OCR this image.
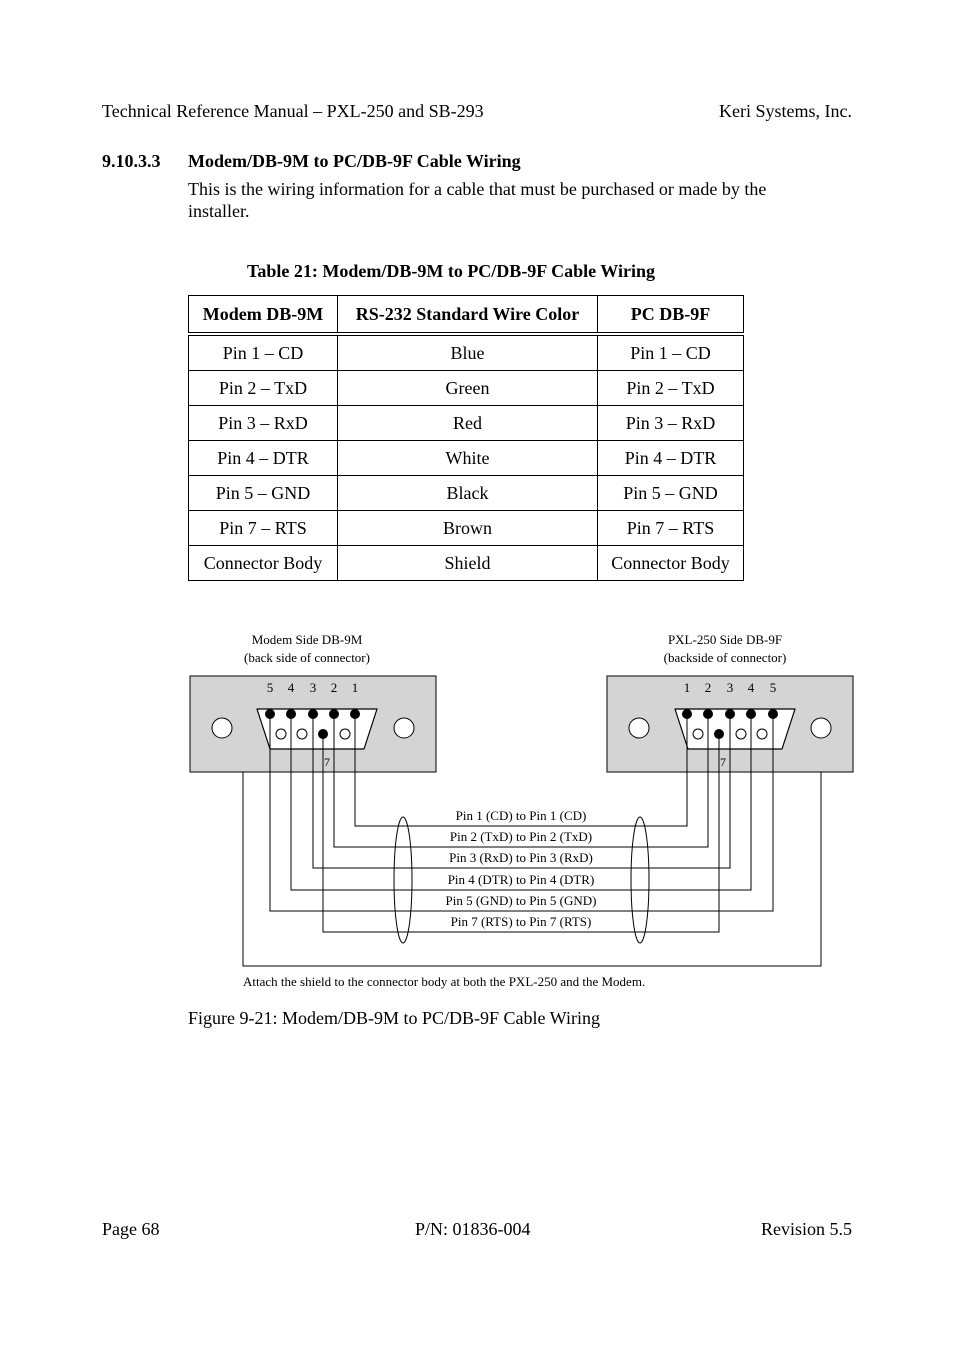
Technical Reference Manual – PXL-250 and SB-293	Keri Systems, Inc.
9.10.3.3 Modem/DB-9M to PC/DB-9F Cable Wiring
This is the wiring information for a cable that must be purchased or made by the
installer.
Table 21: Modem/DB-9M to PC/DB-9F Cable Wiring
Modem DB-9M	RS-232 Standard Wire Color	PC DB-9F
Pin 1 – CD	Blue	Pin 1 – CD
Pin 2 – TxD	Green	Pin 2 – TxD
Pin 3 – RxD	Red	Pin 3 – RxD
Pin 4 – DTR	White	Pin 4 – DTR
Pin 5 – GND	Black	Pin 5 – GND
Pin 7 – RTS	Brown	Pin 7 – RTS
Connector Body	Shield	Connector Body
Modem Side DB-9M
(back side of connector)
5 4 3 2 1
7
PXL-250 Side DB-9F
(backside of connector)
1 2 3 4 5
7
Pin 1 (CD) to Pin 1 (CD)
Pin 2 (TxD) to Pin 2 (TxD)
Pin 3 (RxD) to Pin 3 (RxD)
Pin 4 (DTR) to Pin 4 (DTR)
Pin 5 (GND) to Pin 5 (GND)
Pin 7 (RTS) to Pin 7 (RTS)
Attach the shield to the connector body at both the PXL-250 and the Modem.
Figure 9-21: Modem/DB-9M to PC/DB-9F Cable Wiring
Page 68	P/N: 01836-004	Revision 5.5
